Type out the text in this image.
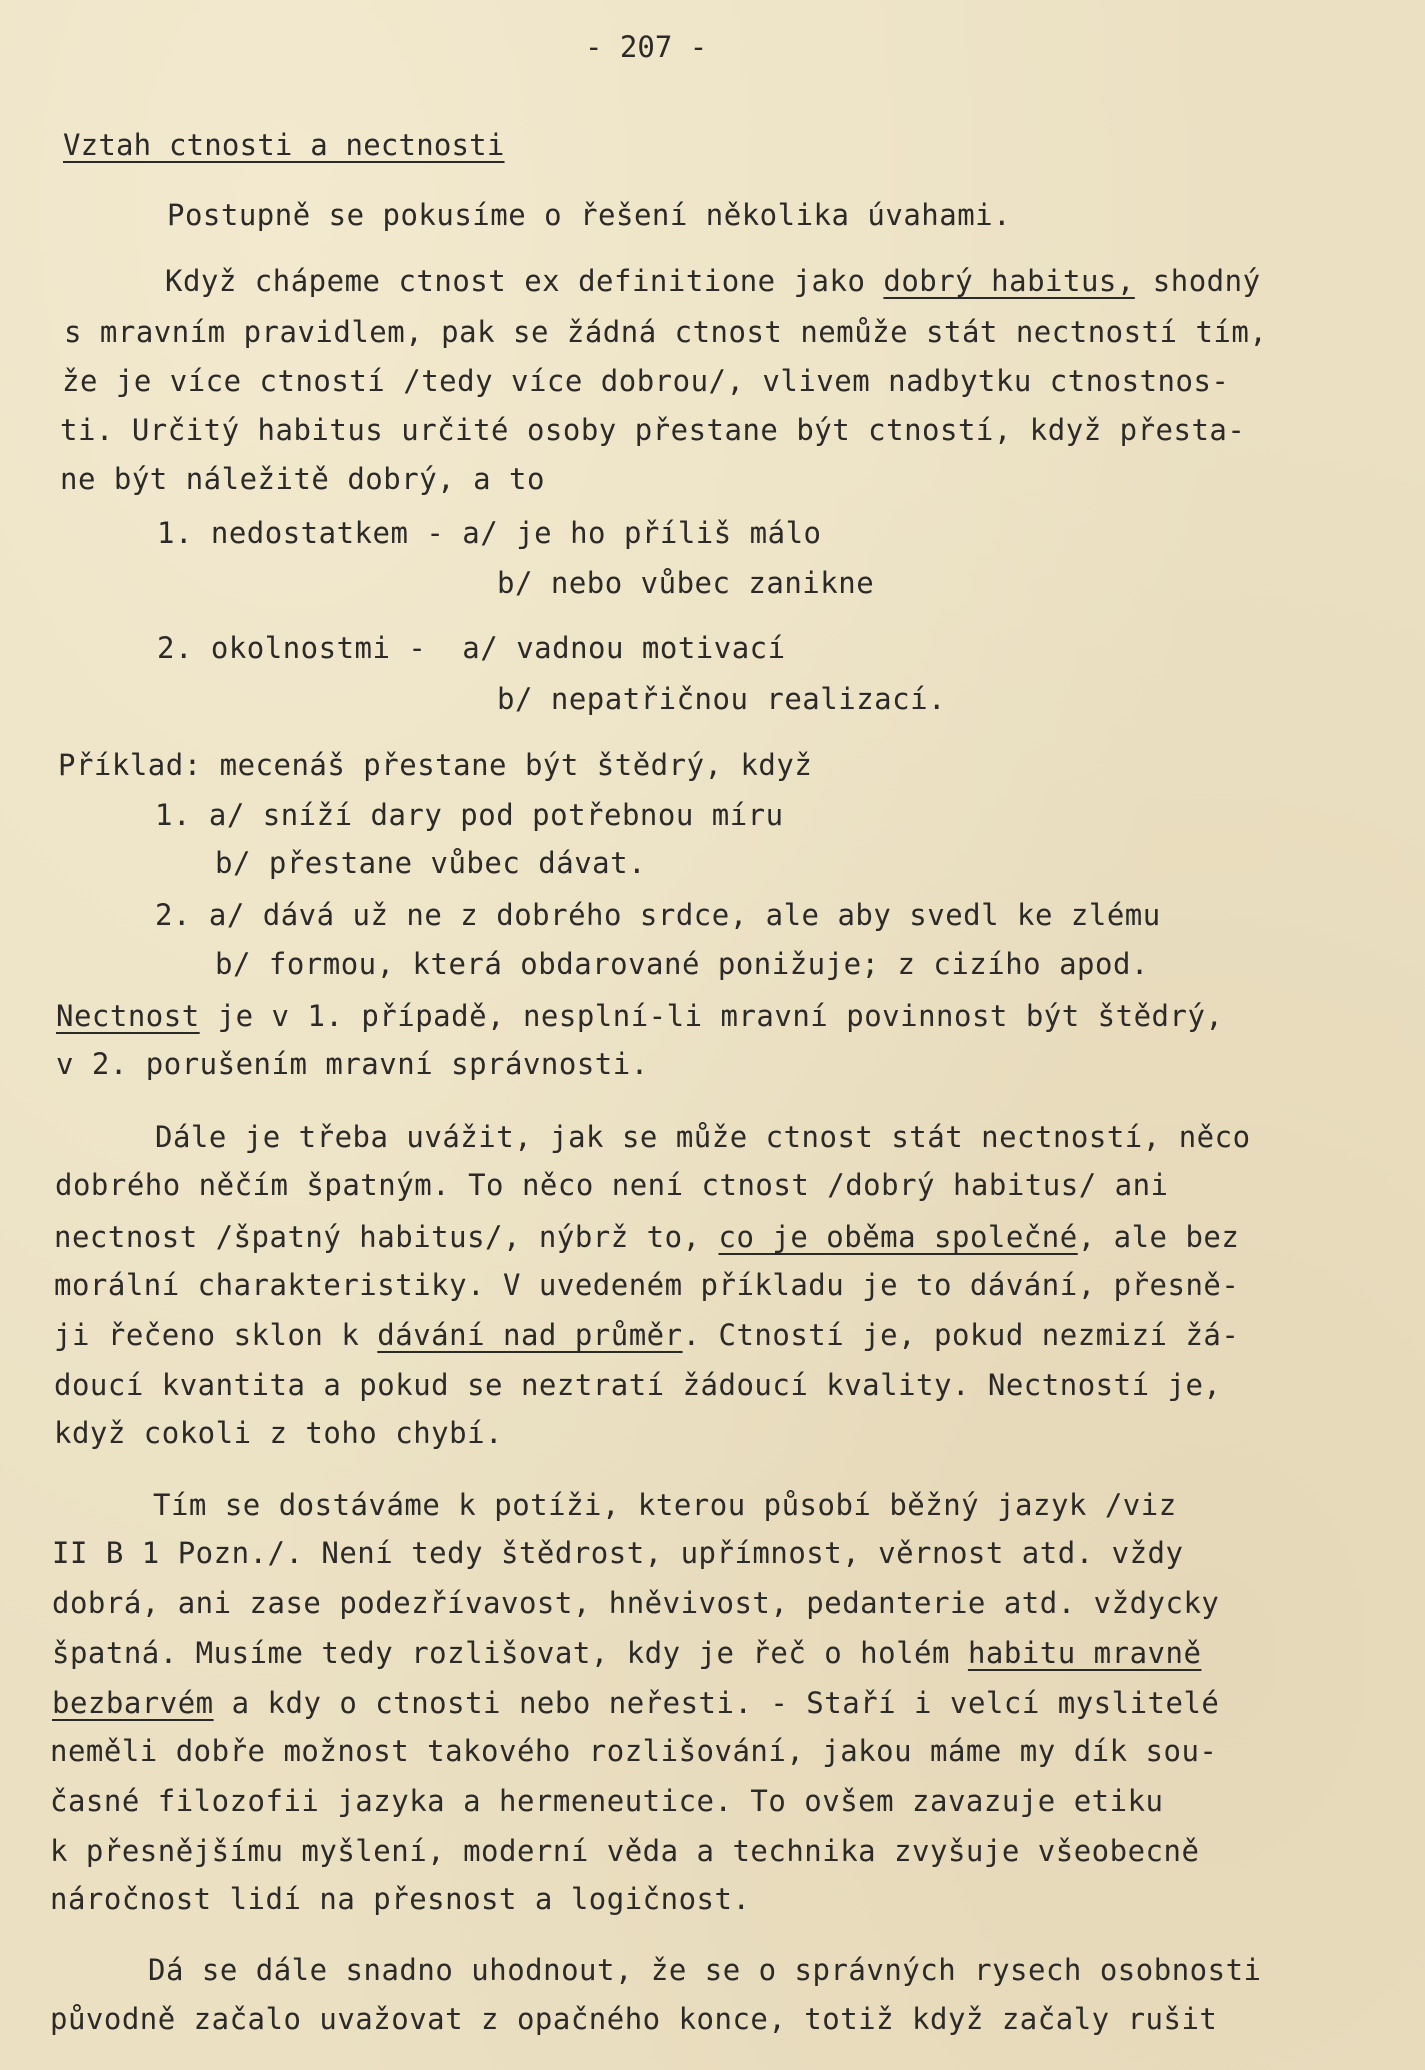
- 207 -
Vztah ctnosti a nectnosti
Postupně se pokusíme o řešení několika úvahami.
Když chápeme ctnost ex definitione jako dobrý habitus, shodný
s mravním pravidlem, pak se žádná ctnost nemůže stát nectností tím,
že je více ctností /tedy více dobrou/, vlivem nadbytku ctnostnos-
ti. Určitý habitus určité osoby přestane být ctností, když přesta-
ne být náležitě dobrý, a to
1. nedostatkem - a/ je ho příliš málo
b/ nebo vůbec zanikne
2. okolnostmi -  a/ vadnou motivací
b/ nepatřičnou realizací.
Příklad: mecenáš přestane být štědrý, když
1. a/ sníží dary pod potřebnou míru
b/ přestane vůbec dávat.
2. a/ dává už ne z dobrého srdce, ale aby svedl ke zlému
b/ formou, která obdarované ponižuje; z cizího apod.
Nectnost je v 1. případě, nesplní-li mravní povinnost být štědrý,
v 2. porušením mravní správnosti.
Dále je třeba uvážit, jak se může ctnost stát nectností, něco
dobrého něčím špatným. To něco není ctnost /dobrý habitus/ ani
nectnost /špatný habitus/, nýbrž to, co je oběma společné, ale bez
morální charakteristiky. V uvedeném příkladu je to dávání, přesně-
ji řečeno sklon k dávání nad průměr. Ctností je, pokud nezmizí žá-
doucí kvantita a pokud se neztratí žádoucí kvality. Nectností je,
když cokoli z toho chybí.
Tím se dostáváme k potíži, kterou působí běžný jazyk /viz
II B 1 Pozn./. Není tedy štědrost, upřímnost, věrnost atd. vždy
dobrá, ani zase podezřívavost, hněvivost, pedanterie atd. vždycky
špatná. Musíme tedy rozlišovat, kdy je řeč o holém habitu mravně
bezbarvém a kdy o ctnosti nebo neřesti. - Staří i velcí myslitelé
neměli dobře možnost takového rozlišování, jakou máme my dík sou-
časné filozofii jazyka a hermeneutice. To ovšem zavazuje etiku
k přesnějšímu myšlení, moderní věda a technika zvyšuje všeobecně
náročnost lidí na přesnost a logičnost.
Dá se dále snadno uhodnout, že se o správných rysech osobnosti
původně začalo uvažovat z opačného konce, totiž když začaly rušit
